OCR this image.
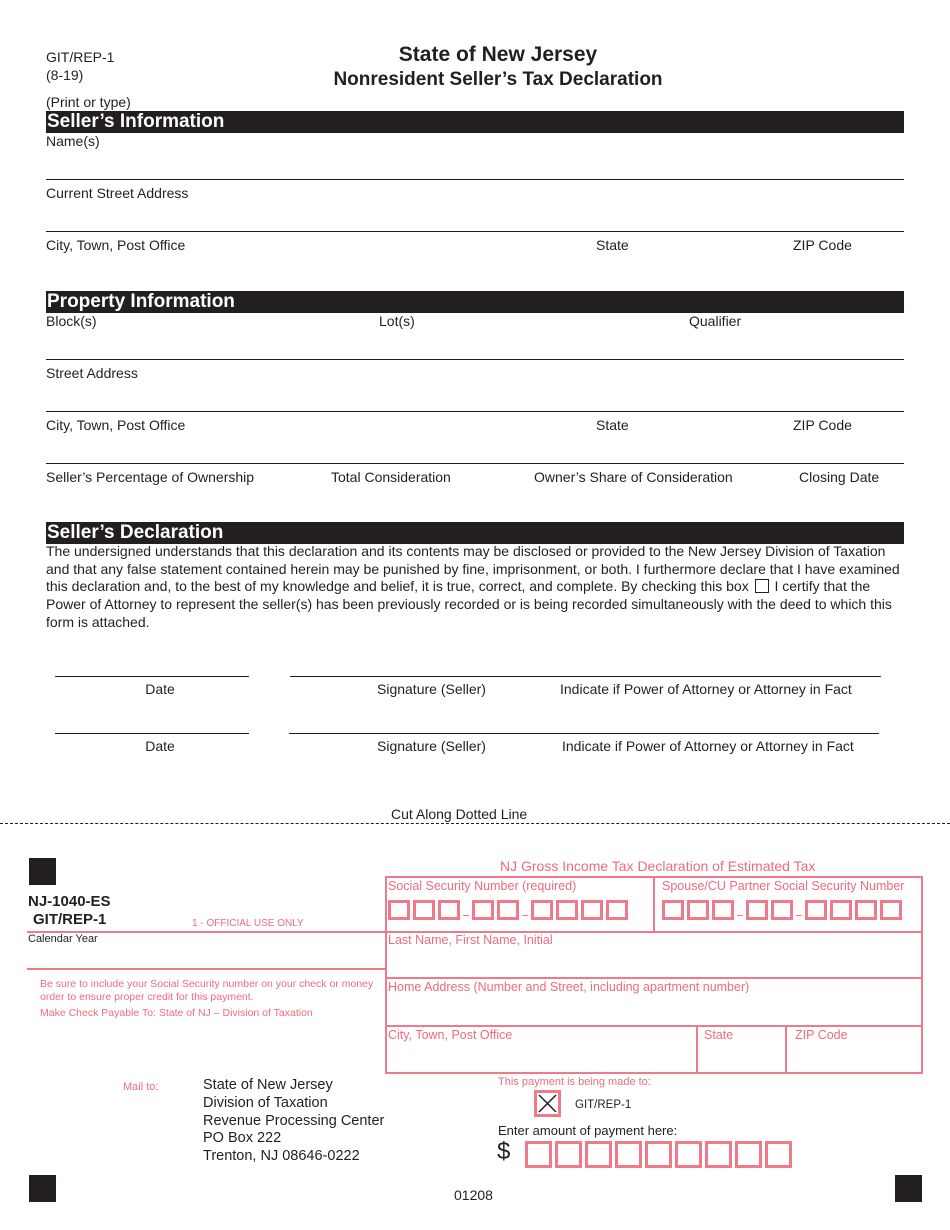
GIT/REP-1
(8-19)
State of New Jersey
Nonresident Seller’s Tax Declaration
(Print or type)
Seller’s Information
Name(s)
Current Street Address
City, Town, Post Office	State	ZIP Code
Property Information
Block(s)	Lot(s)	Qualifier
Street Address
City, Town, Post Office	State	ZIP Code
Seller’s Percentage of Ownership	Total Consideration	Owner’s Share of Consideration	Closing Date
Seller’s Declaration
The undersigned understands that this declaration and its contents may be disclosed or provided to the New Jersey Division of Taxation and that any false statement contained herein may be punished by fine, imprisonment, or both. I furthermore declare that I have examined this declaration and, to the best of my knowledge and belief, it is true, correct, and complete. By checking this box I certify that the Power of Attorney to represent the seller(s) has been previously recorded or is being recorded simultaneously with the deed to which this form is attached.
Date	Signature (Seller)	Indicate if Power of Attorney or Attorney in Fact
Date	Signature (Seller)	Indicate if Power of Attorney or Attorney in Fact
Cut Along Dotted Line
NJ Gross Income Tax Declaration of Estimated Tax
NJ-1040-ES
GIT/REP-1	1 - OFFICIAL USE ONLY
Calendar Year
Be sure to include your Social Security number on your check or money order to ensure proper credit for this payment.
Make Check Payable To: State of NJ – Division of Taxation
Social Security Number (required)	Spouse/CU Partner Social Security Number
Last Name, First Name, Initial
Home Address (Number and Street, including apartment number)
City, Town, Post Office	State	ZIP Code
Mail to:	State of New Jersey
Division of Taxation
Revenue Processing Center
PO Box 222
Trenton, NJ 08646-0222
This payment is being made to:
GIT/REP-1
Enter amount of payment here:
$
01208
